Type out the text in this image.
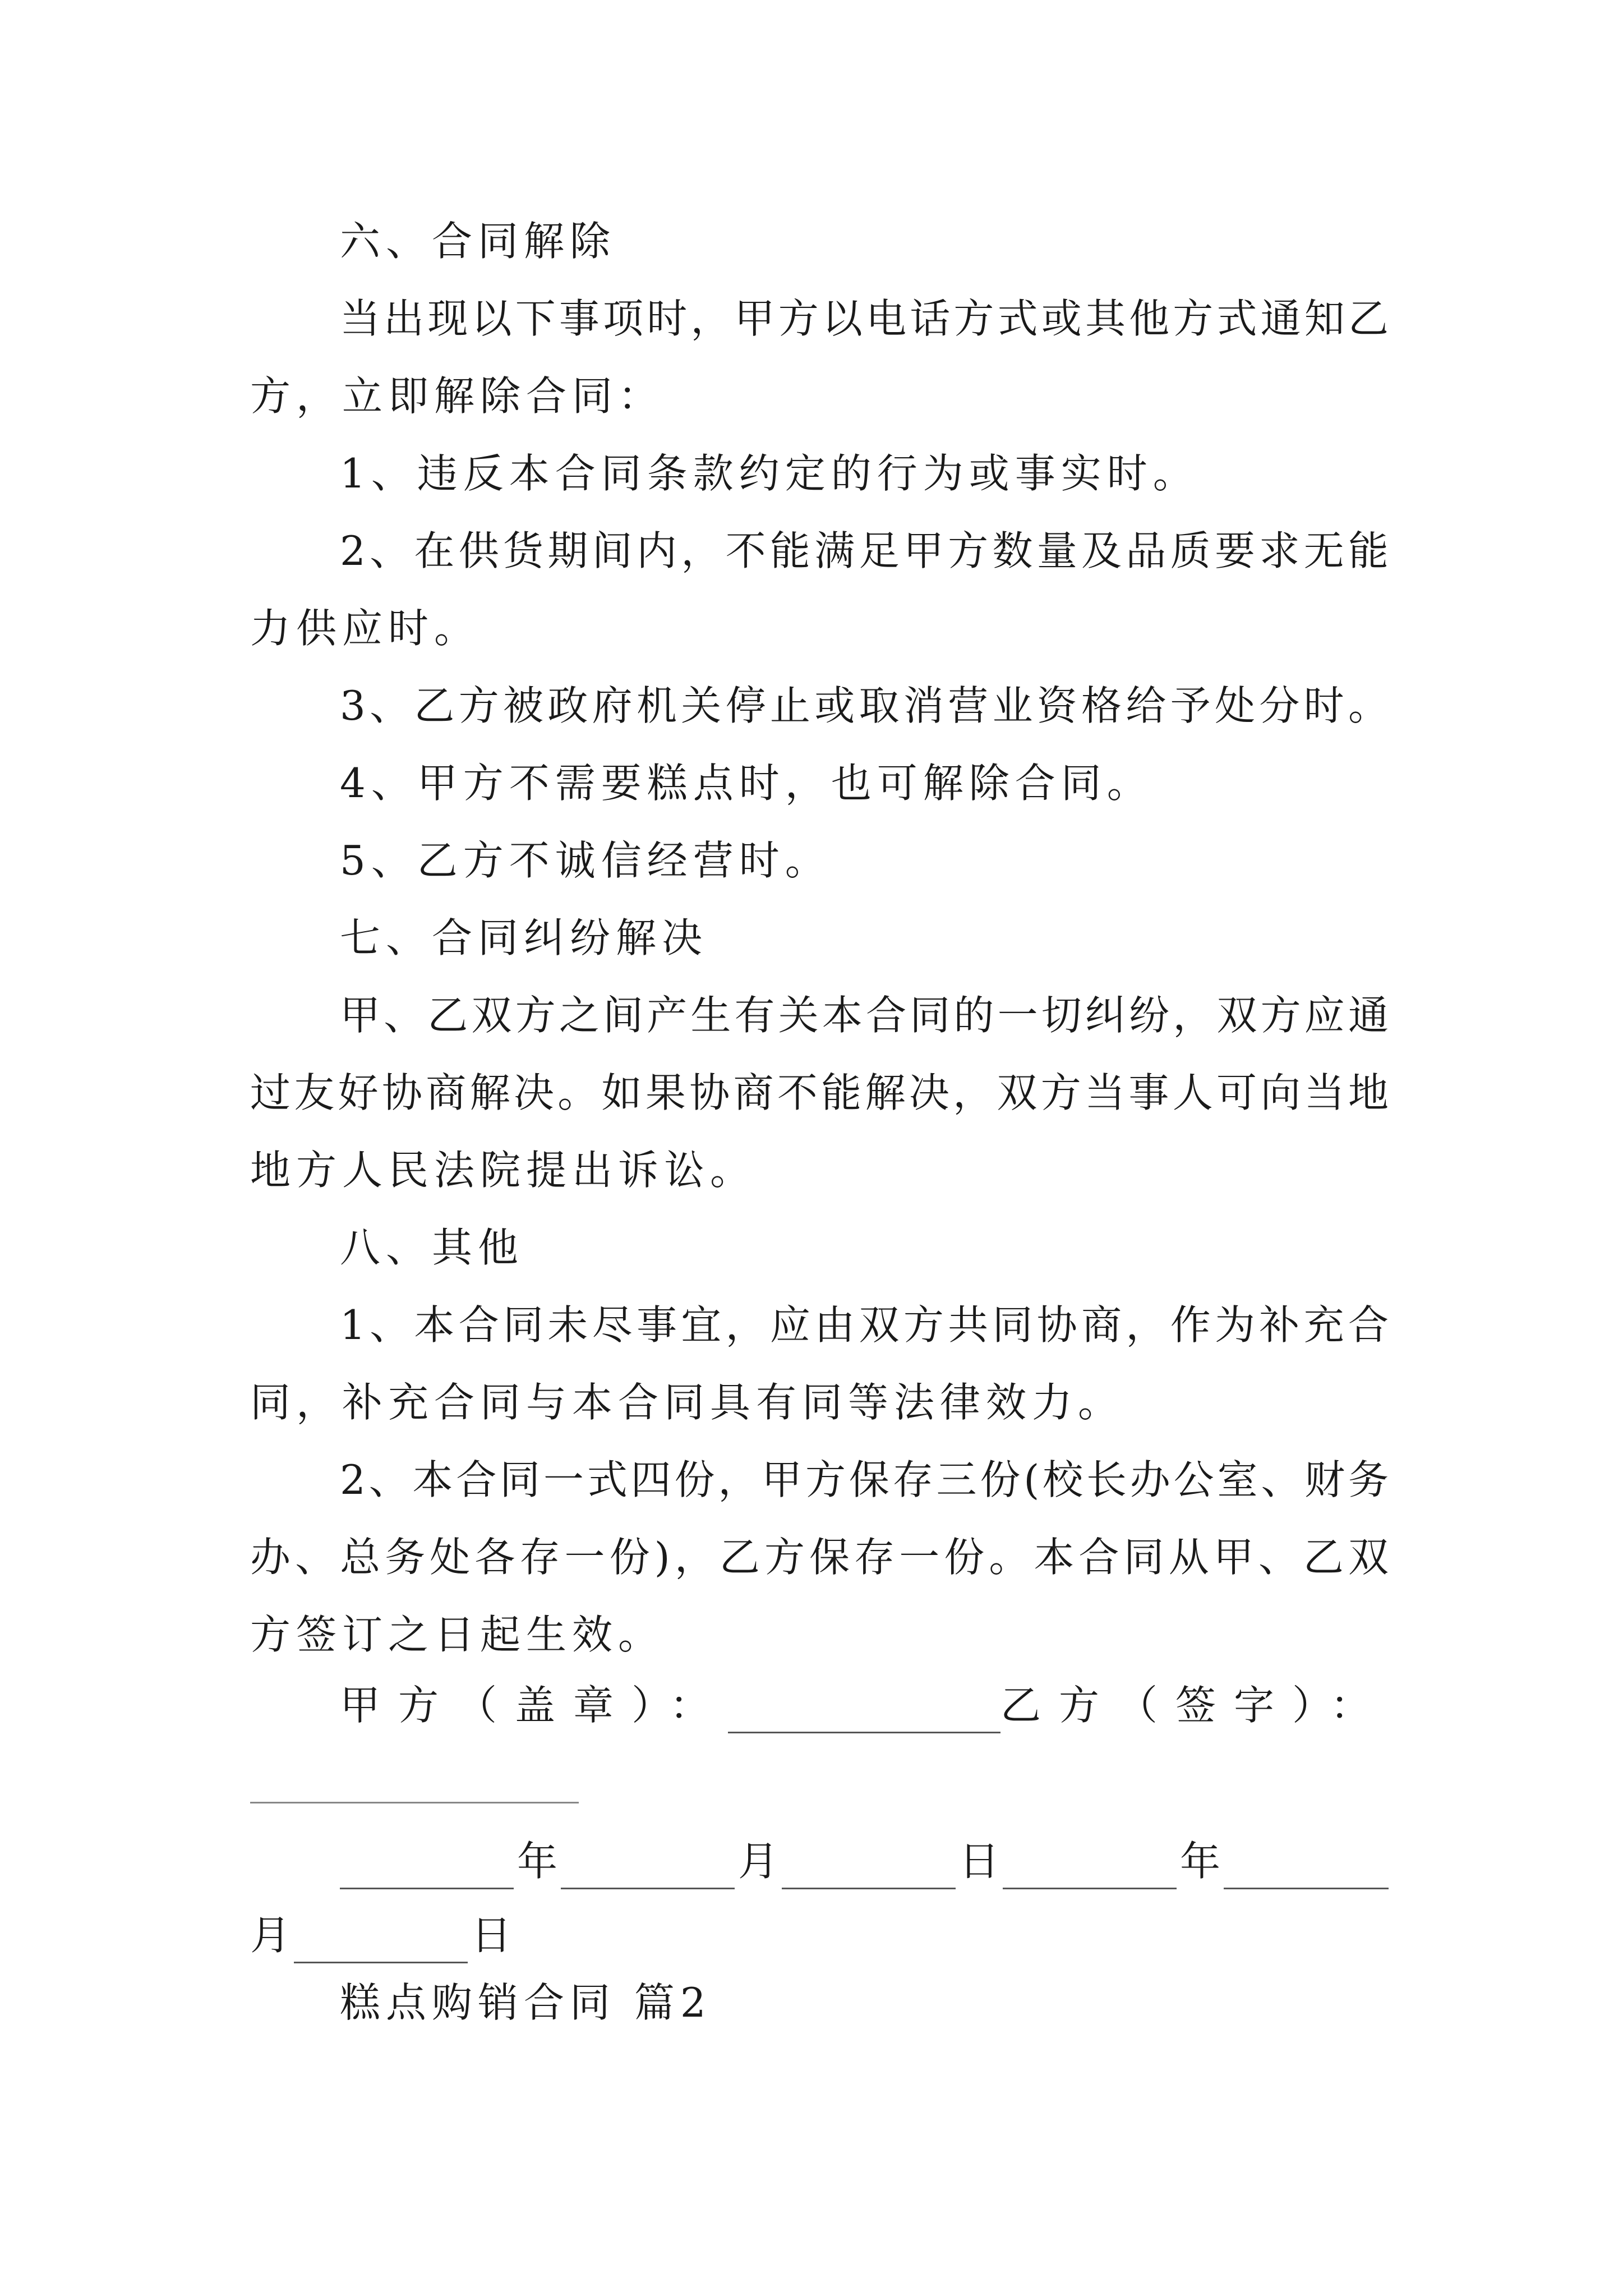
六、合同解除
当出现以下事项时，甲方以电话方式或其他方式通知乙
方，立即解除合同：
1、违反本合同条款约定的行为或事实时。
2、在供货期间内，不能满足甲方数量及品质要求无能
力供应时。
3、乙方被政府机关停止或取消营业资格给予处分时。
4、甲方不需要糕点时，也可解除合同。
5、乙方不诚信经营时。
七、合同纠纷解决
甲、乙双方之间产生有关本合同的一切纠纷，双方应通
过友好协商解决。如果协商不能解决，双方当事人可向当地
地方人民法院提出诉讼。
八、其他
1、本合同未尽事宜，应由双方共同协商，作为补充合
同，补充合同与本合同具有同等法律效力。
2、本合同一式四份，甲方保存三份(校长办公室、财务
办、总务处各存一份)，乙方保存一份。本合同从甲、乙双
方签订之日起生效。
甲方（盖章）：	乙方（签字）：
年	月	日	年
月	日
糕点购销合同 篇2
